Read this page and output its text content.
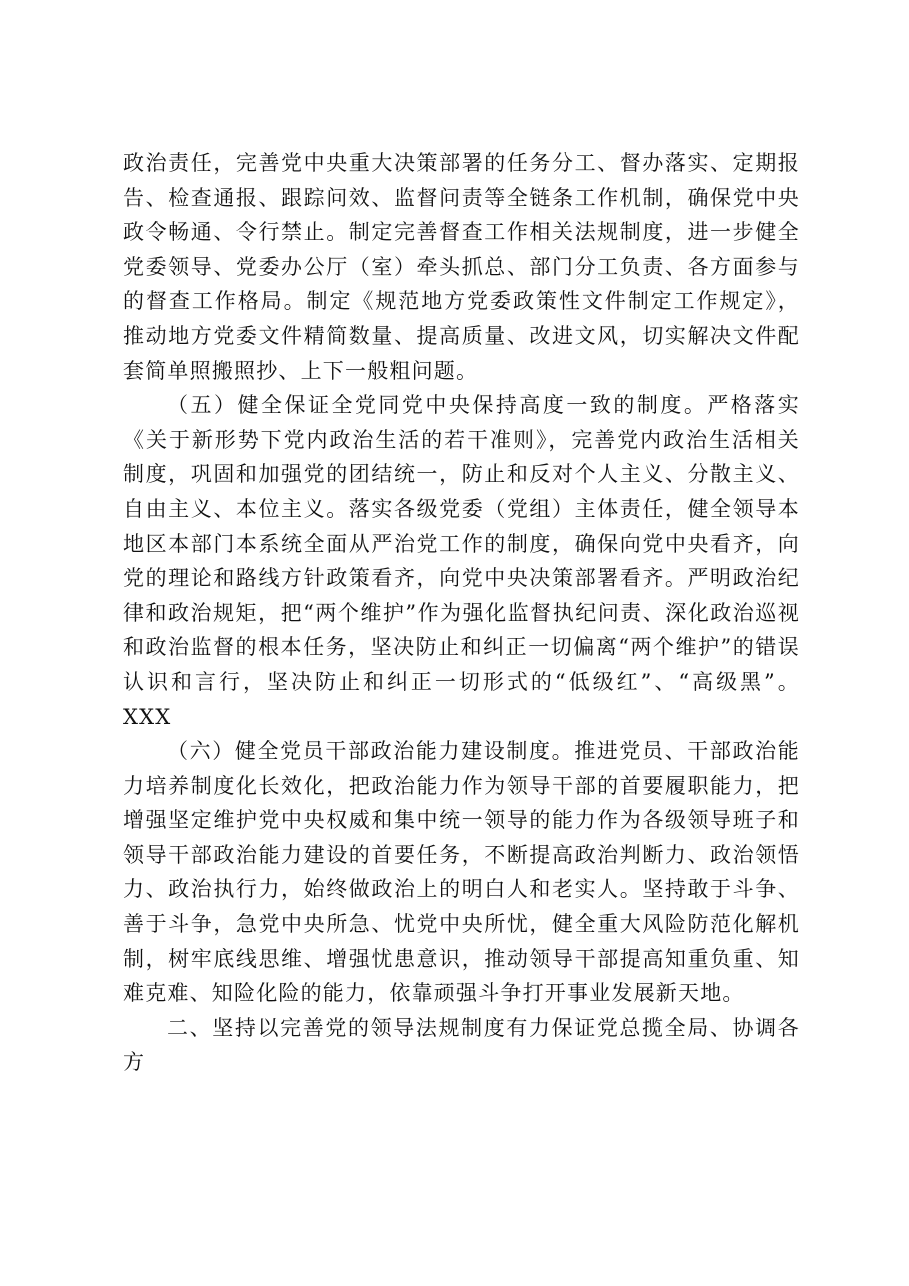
政治责任，完善党中央重大决策部署的任务分工、督办落实、定期报告、检查通报、跟踪问效、监督问责等全链条工作机制，确保党中央政令畅通、令行禁止。制定完善督查工作相关法规制度，进一步健全党委领导、党委办公厅（室）牵头抓总、部门分工负责、各方面参与的督查工作格局。制定《规范地方党委政策性文件制定工作规定》，推动地方党委文件精简数量、提高质量、改进文风，切实解决文件配套简单照搬照抄、上下一般粗问题。

（五）健全保证全党同党中央保持高度一致的制度。严格落实《关于新形势下党内政治生活的若干准则》，完善党内政治生活相关制度，巩固和加强党的团结统一，防止和反对个人主义、分散主义、自由主义、本位主义。落实各级党委（党组）主体责任，健全领导本地区本部门本系统全面从严治党工作的制度，确保向党中央看齐，向党的理论和路线方针政策看齐，向党中央决策部署看齐。严明政治纪律和政治规矩，把“两个维护”作为强化监督执纪问责、深化政治巡视和政治监督的根本任务，坚决防止和纠正一切偏离“两个维护”的错误认识和言行，坚决防止和纠正一切形式的“低级红”、“高级黑”。 XXX

（六）健全党员干部政治能力建设制度。推进党员、干部政治能力培养制度化长效化，把政治能力作为领导干部的首要履职能力，把增强坚定维护党中央权威和集中统一领导的能力作为各级领导班子和领导干部政治能力建设的首要任务，不断提高政治判断力、政治领悟力、政治执行力，始终做政治上的明白人和老实人。坚持敢于斗争、善于斗争，急党中央所急、忧党中央所忧，健全重大风险防范化解机制，树牢底线思维、增强忧患意识，推动领导干部提高知重负重、知难克难、知险化险的能力，依靠顽强斗争打开事业发展新天地。

二、坚持以完善党的领导法规制度有力保证党总揽全局、协调各方
